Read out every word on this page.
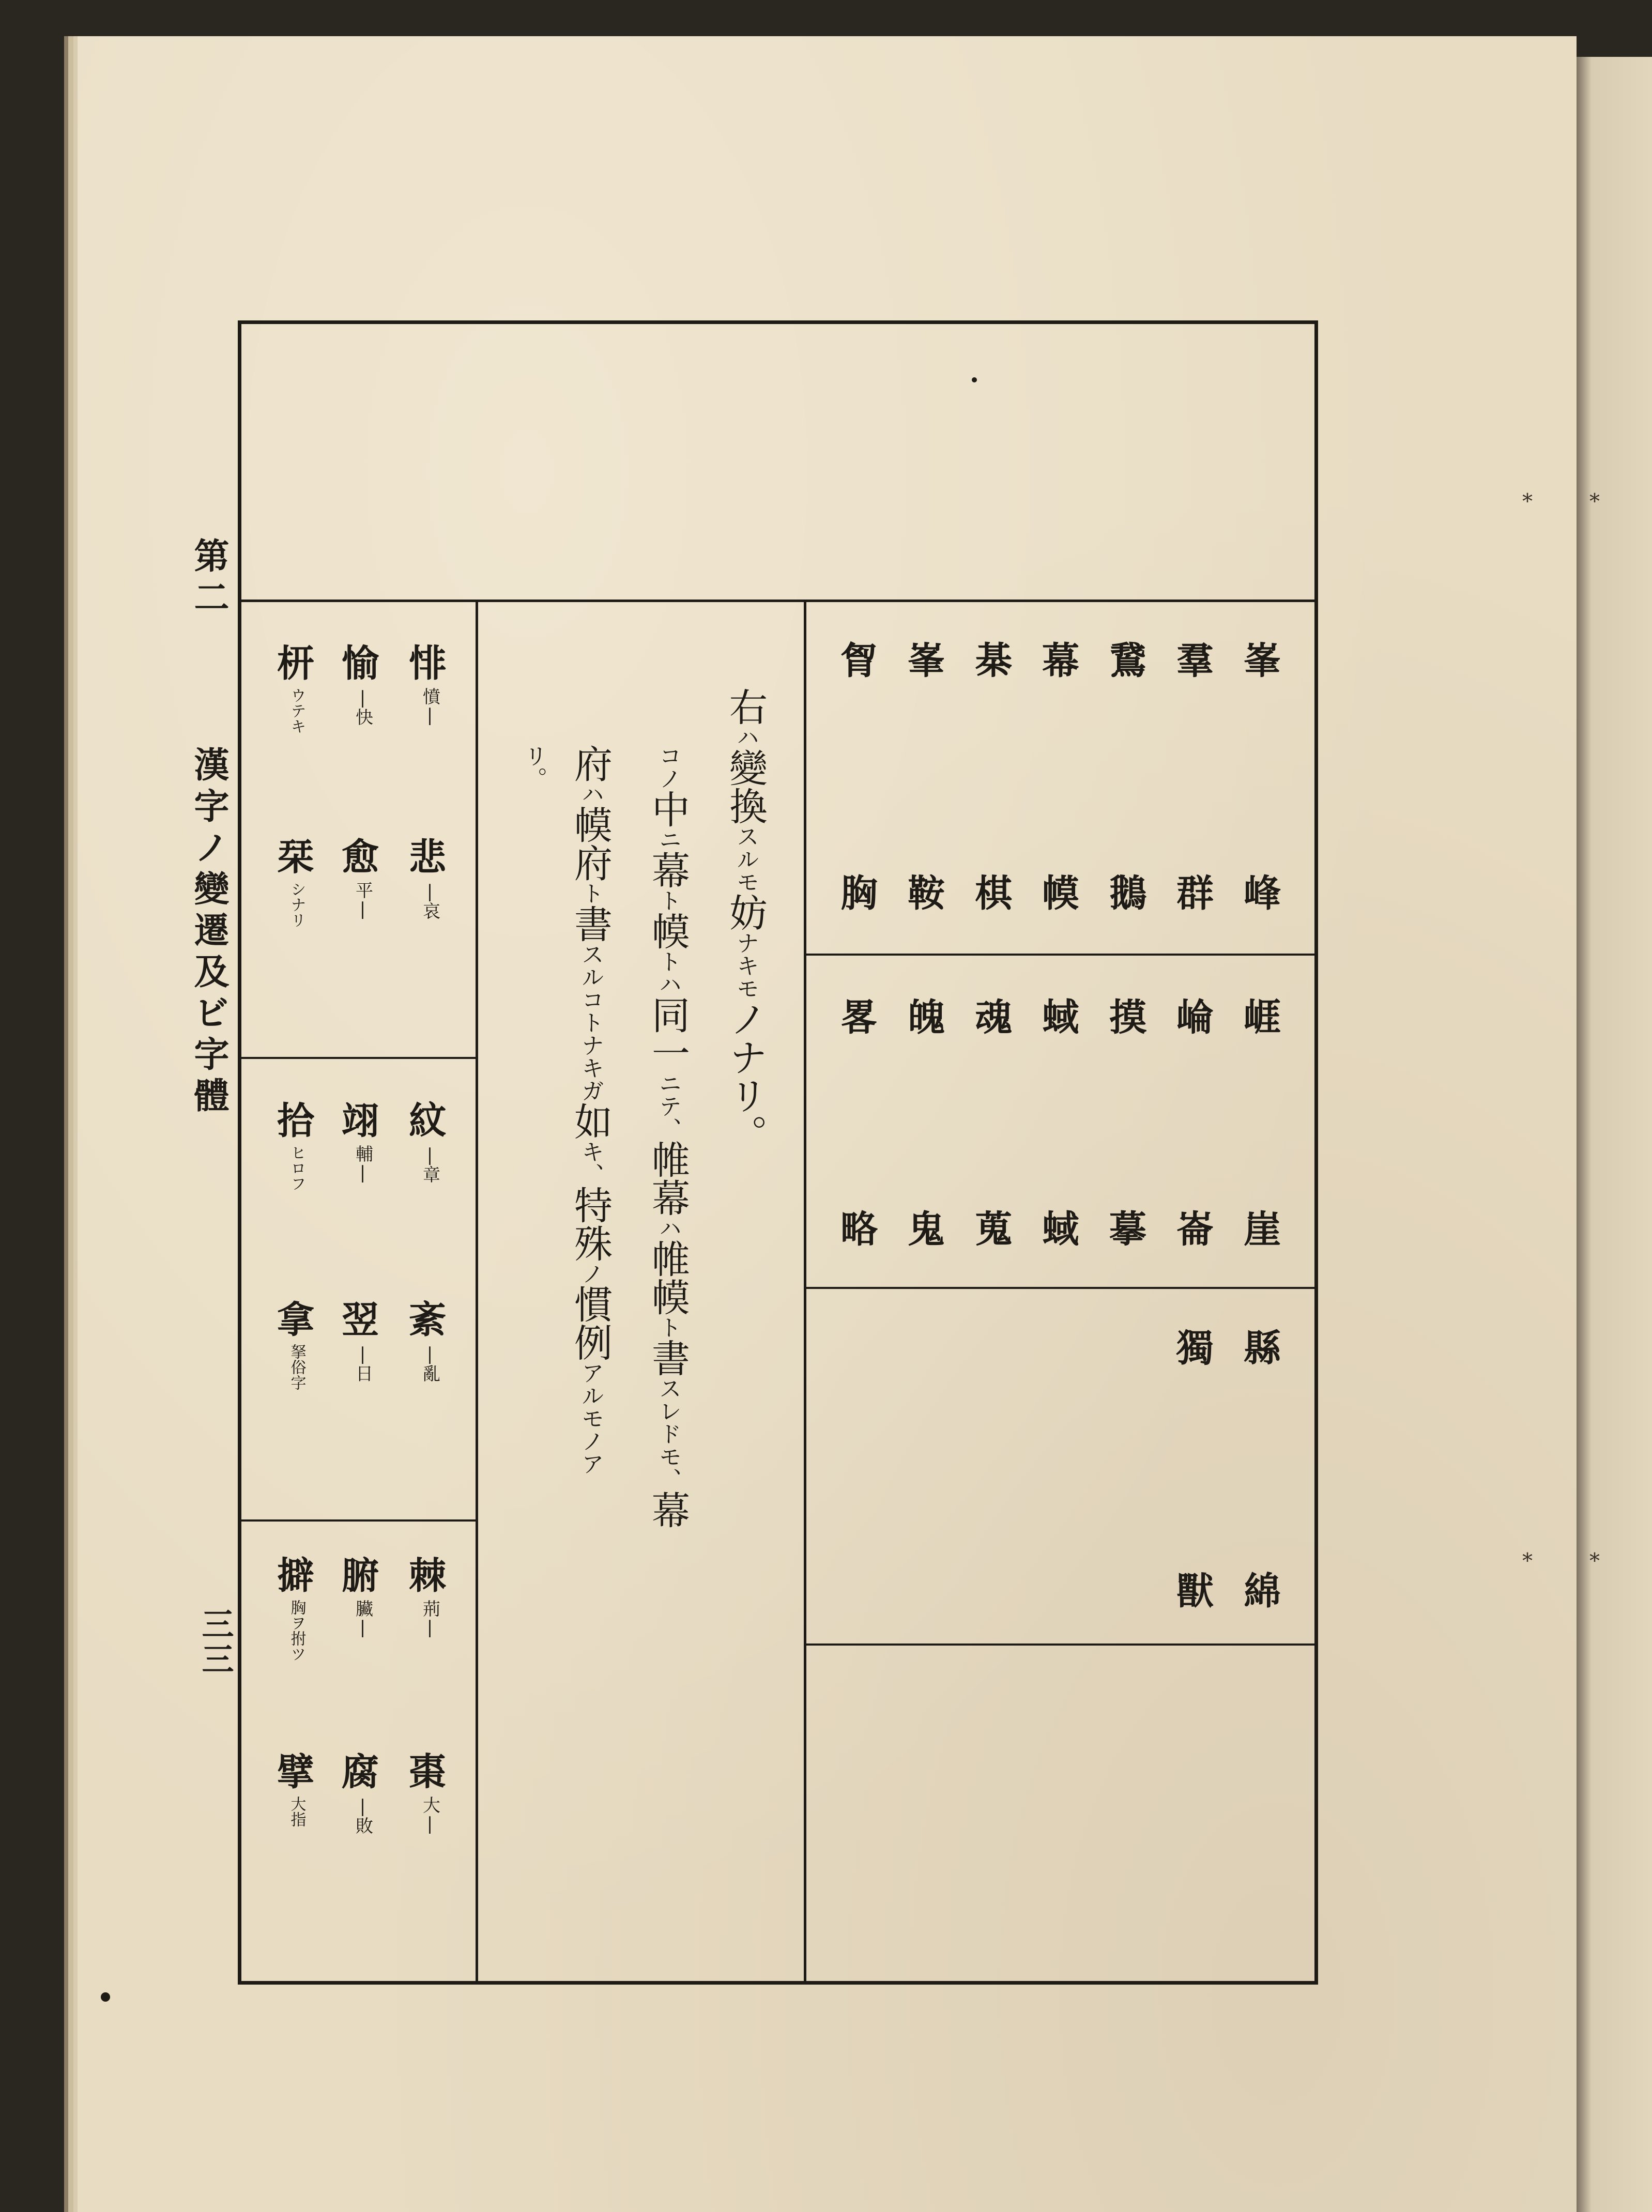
⁎	⁎
⁎	⁎
第二  漢字ノ變遷及ビ字體
三三
峯
峰
崕
崖
縣
綿
羣
群
崘
崙
獨
鵞
鵝
摸
摹
幕
幙
蜮
蜮
棊
棋
魂
蒐
獸
峯
鞍
魄
鬼
胷
胸
畧
略
右ハ變換スルモ妨ナキモノナリ。
コノ中ニ幕ト幙トハ同一ニテ、帷幕ハ帷幙ト書スレドモ、幕
府ハ幙府ト書スルコトナキガ如キ、特殊ノ慣例アルモノア
リ。
悱
憤|
悲
|哀
愉
|快
愈
平|
枅
ウテキ
栞
シナリ
紋
|章
紊
|亂
翊
輔|
翌
|日
拾
ヒロフ
拿
拏俗字
棘
荊|
棗
大|
腑
臟|
腐
|敗
擗
胸ヲ拊ツ
擘
大指
